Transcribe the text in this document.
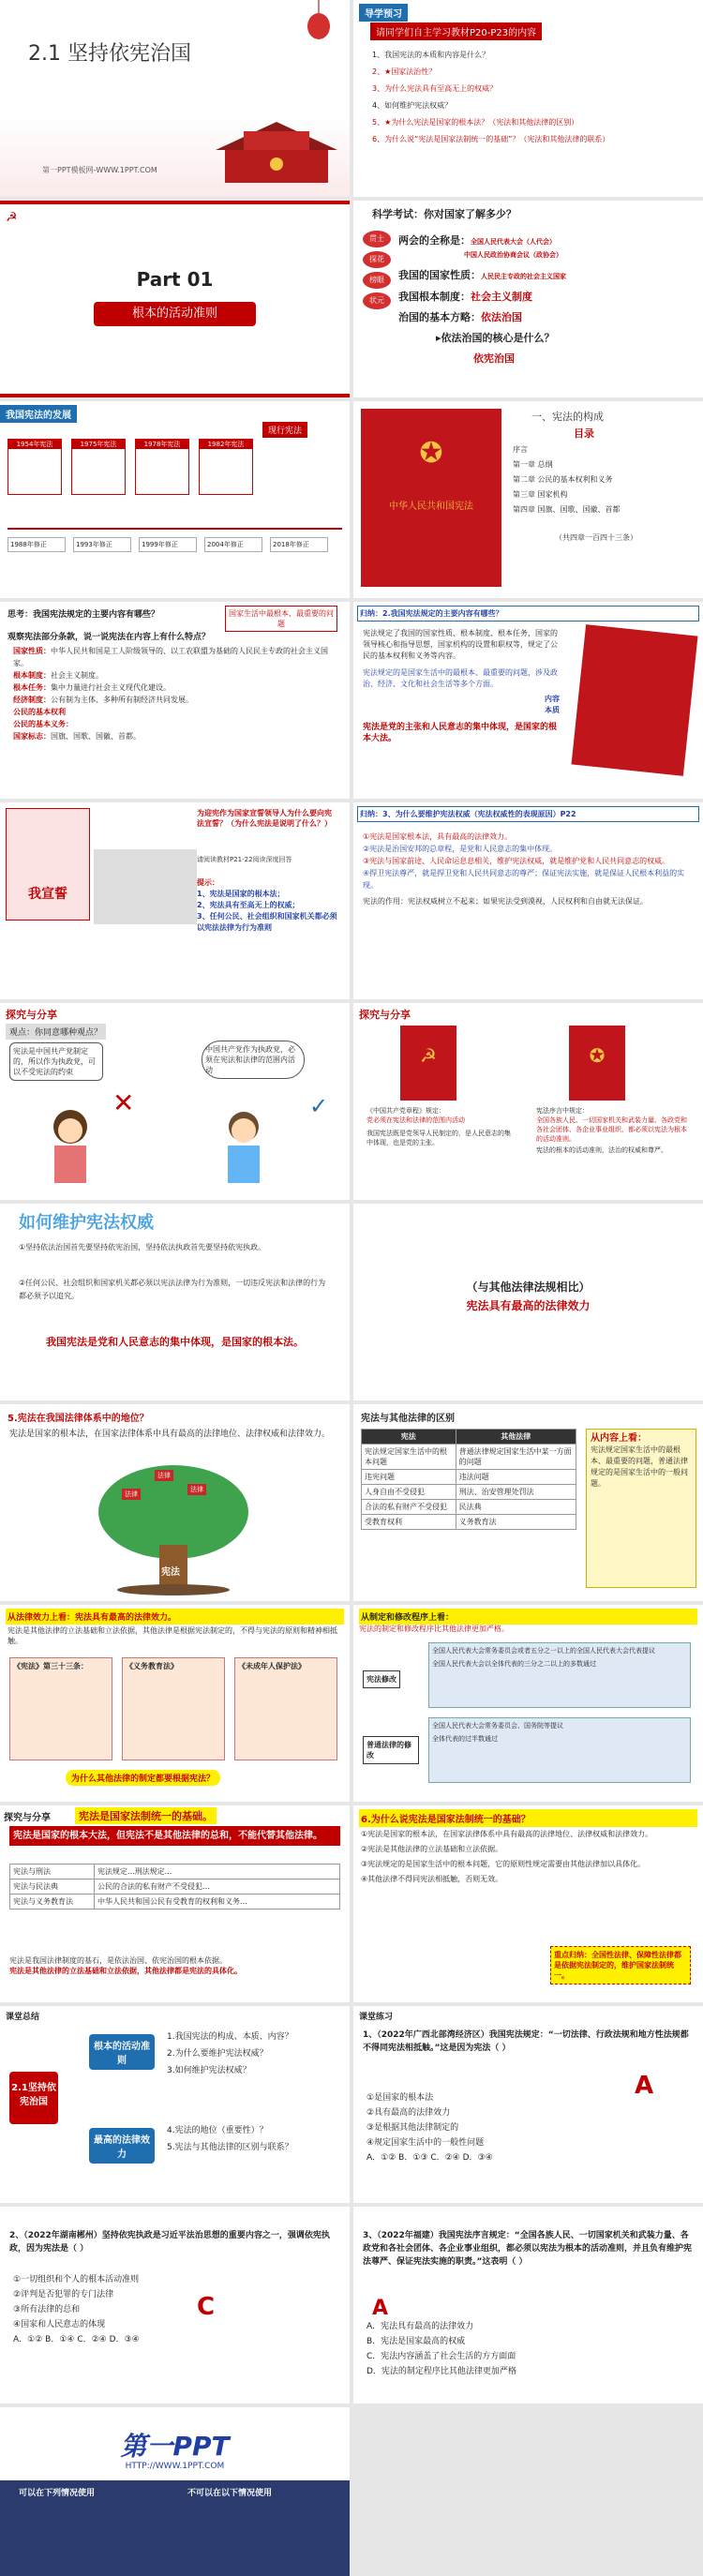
2.1 坚持依宪治国
第一PPT模板网-WWW.1PPT.COM
导学预习
请同学们自主学习教材P20-P23的内容
1、我国宪法的本质和内容是什么？
2、★国家法治性？
3、为什么宪法具有至高无上的权威？
4、如何维护宪法权威？
5、★为什么宪法是国家的根本法？（宪法和其他法律的区别）
6、为什么说“宪法是国家法制统一的基础”？（宪法和其他法律的联系）
☭
Part 01
根本的活动准则
科学考试：你对国家了解多少？
贯士
探花
榜眼
状元
两会的全称是：全国人民代表大会（人代会）
中国人民政治协商会议（政协会）
我国的国家性质：人民民主专政的社会主义国家
我国根本制度：社会主义制度
治国的基本方略：依法治国
▸依法治国的核心是什么？
依宪治国
我国宪法的发展
现行宪法
1954年宪法	1975年宪法	1978年宪法	1982年宪法
1988年修正	1993年修正	1999年修正	2004年修正	2018年修正
✪
中华人民共和国宪法
一、宪法的构成
目录
序言
第一章 总纲
第二章 公民的基本权利和义务
第三章 国家机构
第四章 国旗、国歌、国徽、首都
（共四章一百四十三条）
思考：我国宪法规定的主要内容有哪些？	国家生活中最根本、最重要的问题
观察宪法部分条款，说一说宪法在内容上有什么特点？
国家性质：中华人民共和国是工人阶级领导的、以工农联盟为基础的人民民主专政的社会主义国家。
根本制度：社会主义制度。
根本任务：集中力量进行社会主义现代化建设。
经济制度：公有制为主体、多种所有制经济共同发展。
公民的基本权利
公民的基本义务：
国家标志：国旗、国歌、国徽、首都。
归纳：2.我国宪法规定的主要内容有哪些？
宪法规定了我国的国家性质、根本制度、根本任务，国家的领导核心和指导思想，国家机构的设置和职权等，规定了公民的基本权利和义务等内容。
宪法规定的是国家生活中的最根本、最重要的问题，涉及政治、经济、文化和社会生活等多个方面。
内容
本质
宪法是党的主张和人民意志的集中体现，是国家的根本大法。
我宣誓
为迎宪作为国家宣誓领导人为什么要向宪法宣誓？（为什么宪法是说明了什么？）
请阅读教材P21-22阅读深度回答
提示：
1、宪法是国家的根本法；
2、宪法具有至高无上的权威；
3、任何公民、社会组织和国家机关都必须以宪法法律为行为准则
归纳：3、为什么要维护宪法权威（宪法权威性的表现原因）P22
①宪法是国家根本法，具有最高的法律效力。
②宪法是治国安邦的总章程，是党和人民意志的集中体现。
③宪法与国家前途、人民命运息息相关，维护宪法权威，就是维护党和人民共同意志的权威。
④捍卫宪法尊严，就是捍卫党和人民共同意志的尊严；保证宪法实施，就是保证人民根本利益的实现。
宪法的作用：宪法权威树立不起来；如果宪法受到漠视，人民权利和自由就无法保证。
探究与分享
观点：你同意哪种观点？
宪法是中国共产党制定的，所以作为执政党，可以不受宪法的约束
中国共产党作为执政党，必须在宪法和法律的范围内活动
✕	✓
探究与分享
☭	✪
《中国共产党章程》规定：
党必须在宪法和法律的范围内活动
我国宪法既是党领导人民制定的，是人民意志的集中体现，也是党的主张。
宪法序言中规定：
全国各族人民、一切国家机关和武装力量、各政党和各社会团体、各企业事业组织，都必须以宪法为根本的活动准则。
宪法的根本的活动准则，法治的权威和尊严。
如何维护宪法权威
①坚持依法治国首先要坚持依宪治国，坚持依法执政首先要坚持依宪执政。
②任何公民、社会组织和国家机关都必须以宪法法律为行为准则，一切违反宪法和法律的行为都必须予以追究。
我国宪法是党和人民意志的集中体现，是国家的根本法。
（与其他法律法规相比）
宪法具有最高的法律效力
5.宪法在我国法律体系中的地位？
宪法是国家的根本法，在国家法律体系中具有最高的法律地位、法律权威和法律效力。
宪法
法律
法律
法律
宪法与其他法律的区别
宪法	其他法律
宪法规定国家生活中的根本问题	普通法律规定国家生活中某一方面的问题
违宪问题	违法问题
人身自由不受侵犯	刑法、治安管理处罚法
合法的私有财产不受侵犯	民法典
受教育权利	义务教育法
从内容上看：
宪法规定国家生活中的最根本、最重要的问题，普通法律规定的是国家生活中的一般问题。
从法律效力上看：宪法具有最高的法律效力。
宪法是其他法律的立法基础和立法依据，其他法律是根据宪法制定的，不得与宪法的原则和精神相抵触。
《宪法》第三十三条：	《义务教育法》	《未成年人保护法》
为什么其他法律的制定都要根据宪法？
从制定和修改程序上看：
宪法的制定和修改程序比其他法律更加严格。
宪法修改
普通法律的修改
全国人民代表大会常务委员会或者五分之一以上的全国人民代表大会代表提议
全国人民代表大会以全体代表的三分之二以上的多数通过
全国人民代表大会常务委员会、国务院等提议
全体代表的过半数通过
探究与分享	宪法是国家法制统一的基础。
宪法是国家的根本大法，但宪法不是其他法律的总和，不能代替其他法律。
宪法与刑法	宪法规定...刑法规定...
宪法与民法典	公民的合法的私有财产不受侵犯...
宪法与义务教育法	中华人民共和国公民有受教育的权利和义务...
宪法是我国法律制度的基石，是依法治国、依宪治国的根本依据。
宪法是其他法律的立法基础和立法依据，其他法律都是宪法的具体化。
6.为什么说宪法是国家法制统一的基础？
①宪法是国家的根本法，在国家法律体系中具有最高的法律地位、法律权威和法律效力。
②宪法是其他法律的立法基础和立法依据。
③宪法规定的是国家生活中的根本问题，它的原则性规定需要由其他法律加以具体化。
④其他法律不得同宪法相抵触，否则无效。
重点归纳：全国性法律、保障性法律都是依据宪法制定的，维护国家法制统一。
课堂总结
2.1坚持依宪治国
根本的活动准则
最高的法律效力
1.我国宪法的构成、本质、内容？
2.为什么要维护宪法权威？
3.如何维护宪法权威？
4.宪法的地位（重要性）？
5.宪法与其他法律的区别与联系？
课堂练习
1、（2022年广西北部湾经济区）我国宪法规定：“一切法律、行政法规和地方性法规都不得同宪法相抵触。”这是因为宪法（ ）
A
①是国家的根本法
②具有最高的法律效力
③是根据其他法律制定的
④规定国家生活中的一般性问题
A．①② B．①③ C．②④ D．③④
2、（2022年湖南郴州）坚持依宪执政是习近平法治思想的重要内容之一，强调依宪执政，因为宪法是（ ）
C
①一切组织和个人的根本活动准则
②评判是否犯罪的专门法律
③所有法律的总和
④国家和人民意志的体现
A．①② B．①④ C．②④ D．③④
3、（2022年福建）我国宪法序言规定：“全国各族人民、一切国家机关和武装力量、各政党和各社会团体、各企业事业组织，都必须以宪法为根本的活动准则，并且负有维护宪法尊严、保证宪法实施的职责。”这表明（ ）
A
A．宪法具有最高的法律效力
B．宪法是国家最高的权威
C．宪法内容涵盖了社会生活的方方面面
D．宪法的制定程序比其他法律更加严格
第一PPT
HTTP://WWW.1PPT.COM
可以在下列情况使用	不可以在以下情况使用
